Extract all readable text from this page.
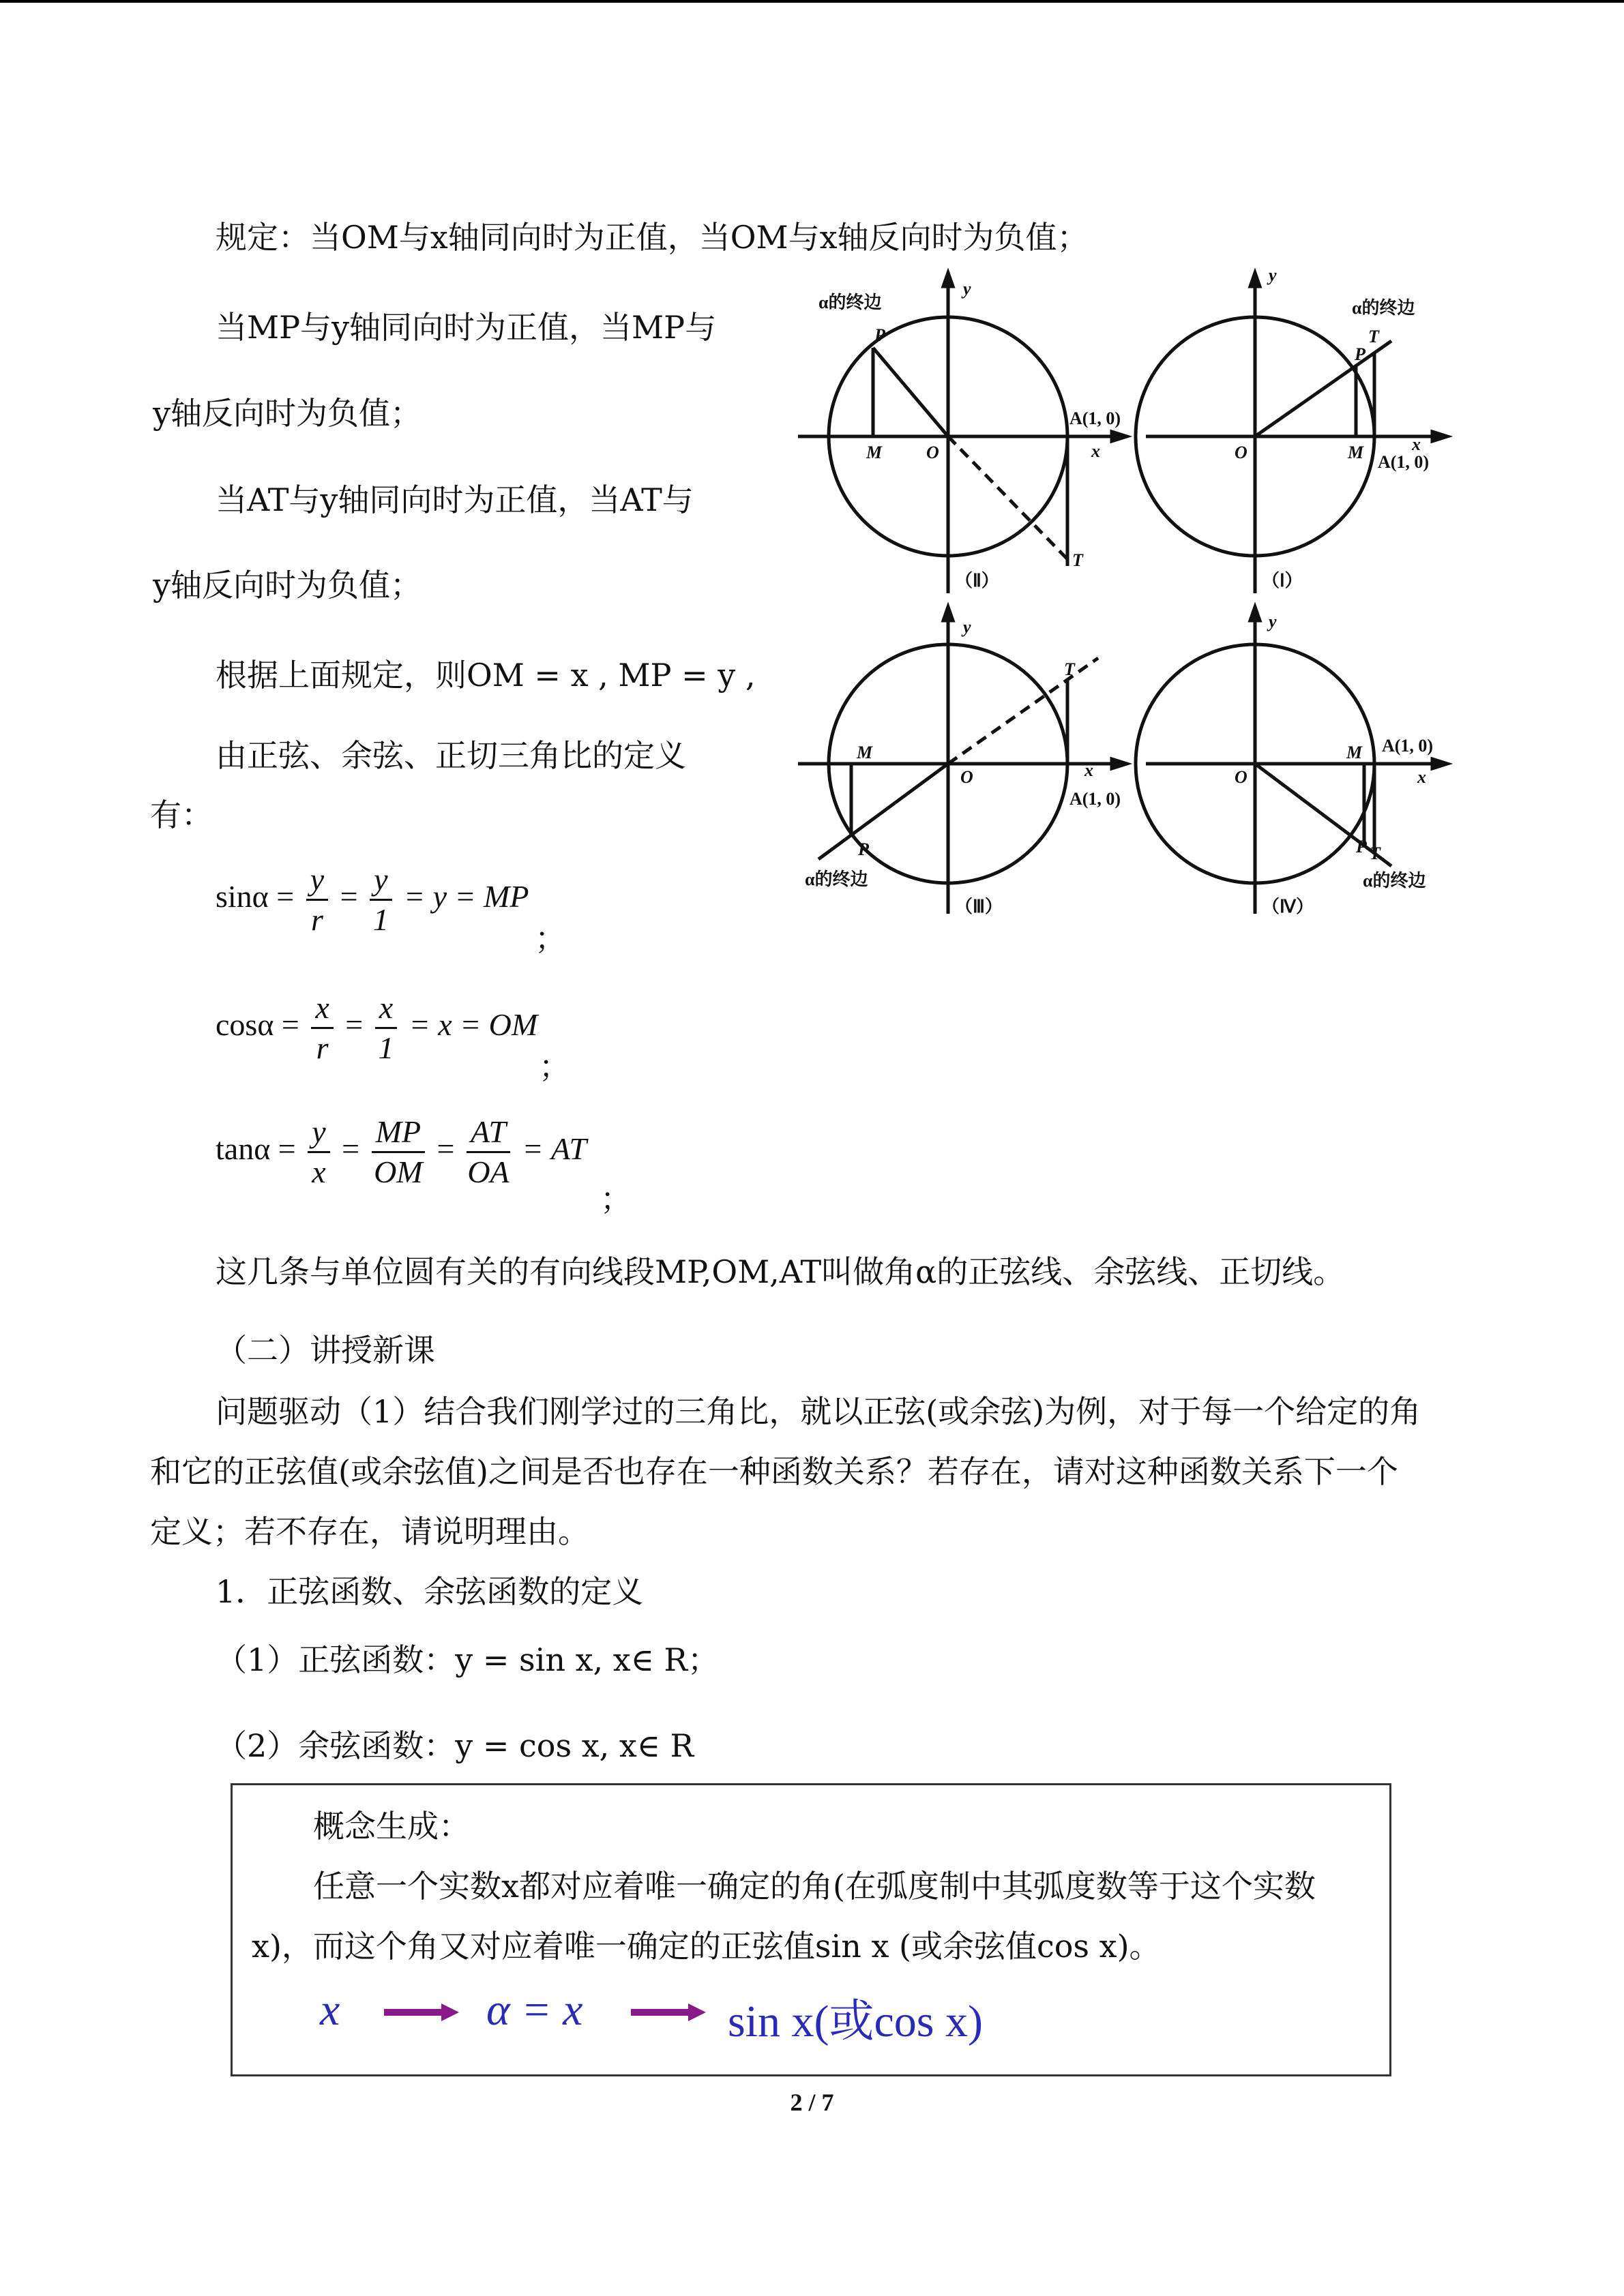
规定：当OM与x轴同向时为正值，当OM与x轴反向时为负值；
当MP与y轴同向时为正值，当MP与
y轴反向时为负值；
当AT与y轴同向时为正值，当AT与
y轴反向时为负值；
根据上面规定，则OM = x , MP = y ,
由正弦、余弦、正切三角比的定义
有：
$\sin\alpha = \frac{y}{r} = \frac{y}{1} = y$ = MP
；
$\cos\alpha = \frac{x}{r} = \frac{x}{1} = x$ = OM
；
$\tan\alpha = \frac{y}{x} = \frac{MP}{OM} = \frac{AT}{OA}$ = AT
；
这几条与单位圆有关的有向线段MP,OM,AT叫做角α的正弦线、余弦线、正切线。
（二）讲授新课
问题驱动（1）结合我们刚学过的三角比，就以正弦(或余弦)为例，对于每一个给定的角
和它的正弦值(或余弦值)之间是否也存在一种函数关系？若存在，请对这种函数关系下一个
定义；若不存在，请说明理由。
1．正弦函数、余弦函数的定义
（1）正弦函数：y = sin x, x∈ R；
（2）余弦函数：y = cos x, x∈ R
概念生成：
任意一个实数x都对应着唯一确定的角(在弧度制中其弧度数等于这个实数
x)，而这个角又对应着唯一确定的正弦值sin x (或余弦值cos x)。
x	α = x	sin x(或cos x)
α的终边
y
P
M O
A(1, 0)
x
T
（Ⅱ）
y
α的终边
P
T
O	M	x
A(1, 0)
（Ⅰ）
y
T
M
O	x
A(1, 0)
P
α的终边
（Ⅲ）
y
A(1, 0)
M
O	x
P T
α的终边
（Ⅳ）
2 / 7
